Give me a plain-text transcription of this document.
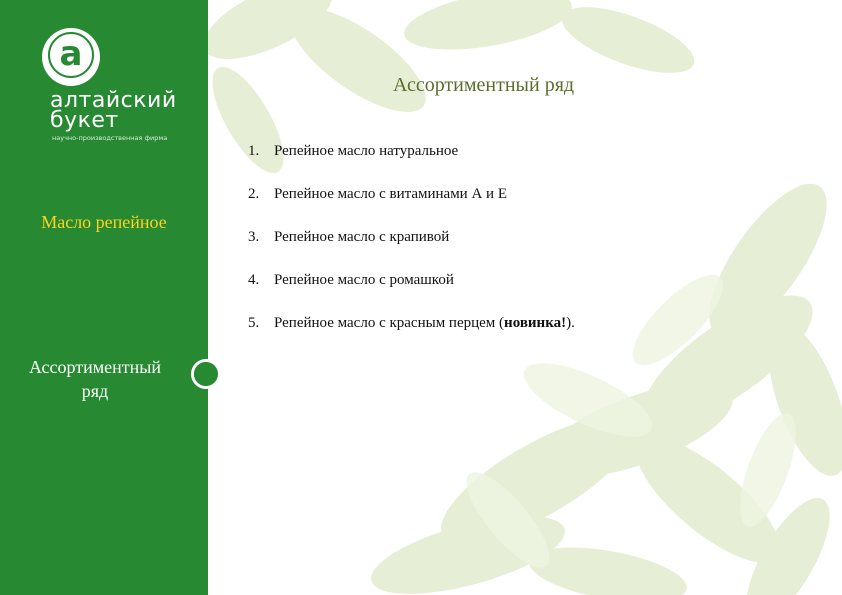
a
алтайский
букет
научно-производственная фирма
Масло репейное
Ассортиментный
ряд
Ассортиментный ряд
1. Репейное масло натуральное
2. Репейное масло с витаминами А и Е
3. Репейное масло с крапивой
4. Репейное масло с ромашкой
5. Репейное масло с красным перцем (новинка!).
